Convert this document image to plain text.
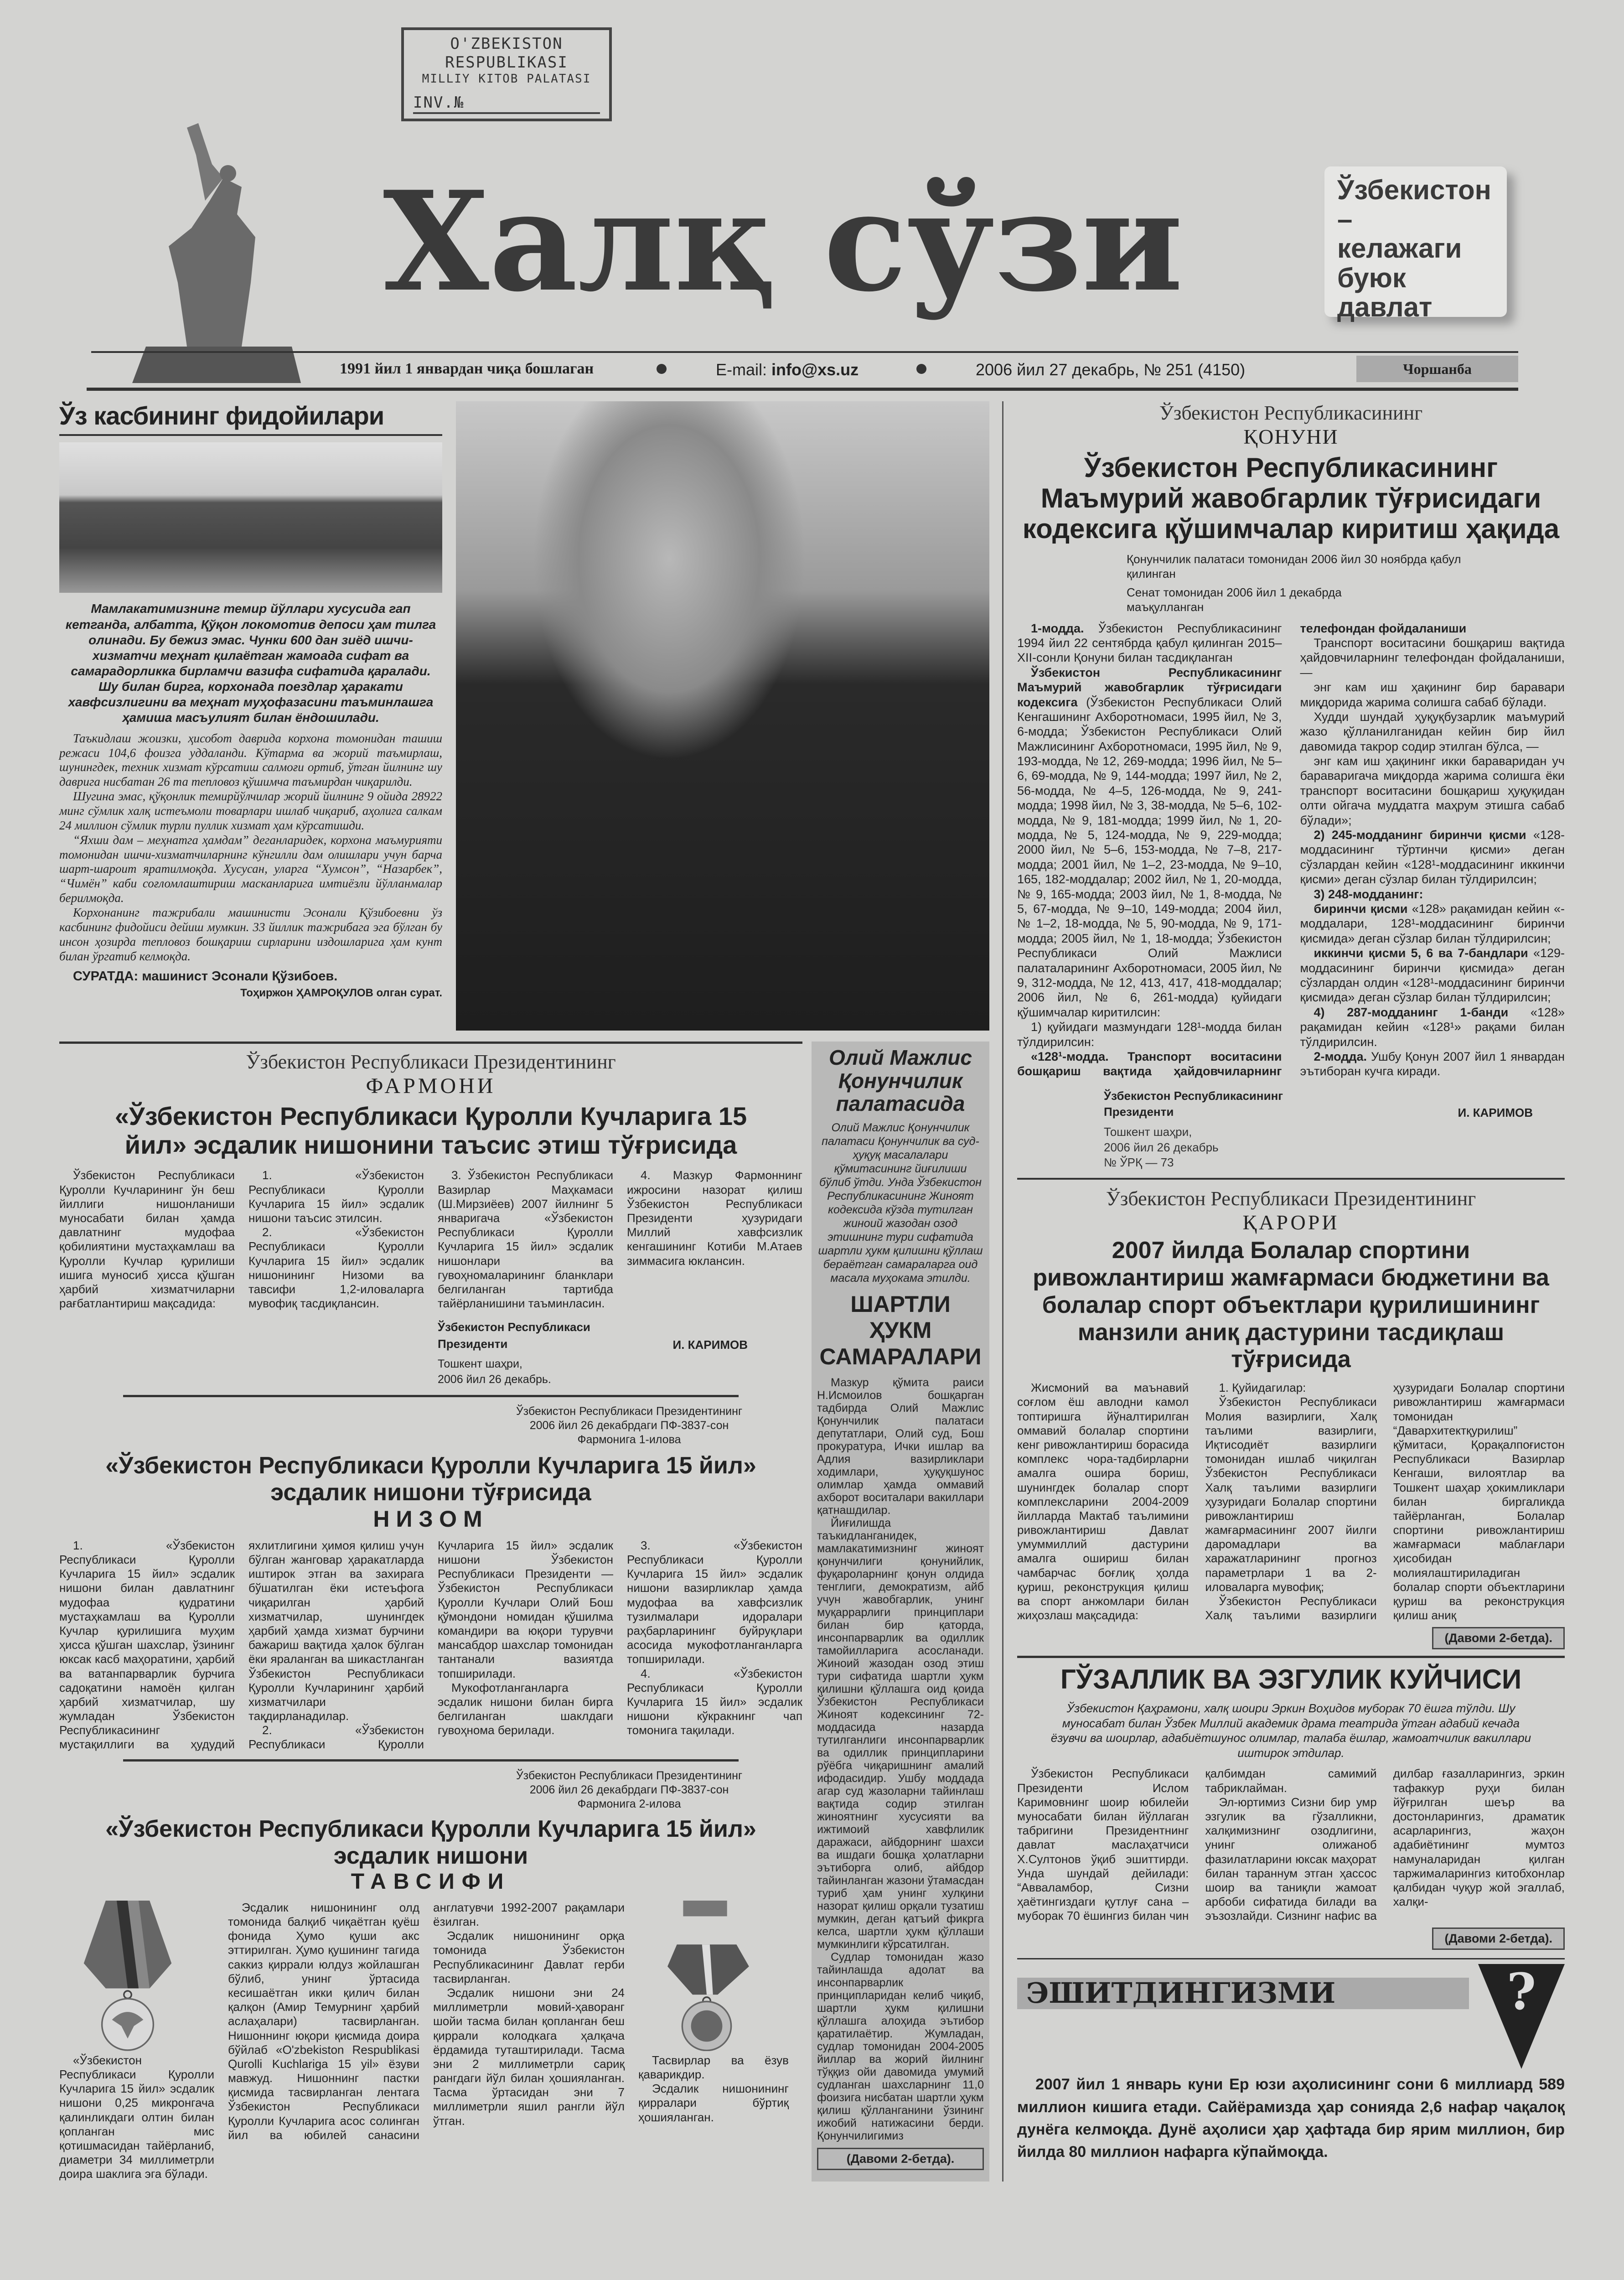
O'ZBEKISTON
RESPUBLIKASI
MILLIY KITOB PALATASI
INV.№
Халқ сўзи	Ўзбекистон –
келажаги
буюк
давлат
1991 йил 1 январдан чиқа бошлаган	E-mail: info@xs.uz	2006 йил 27 декабрь, № 251 (4150)	Чоршанба
Ўз касбининг фидойилари
Мамлакатимизнинг темир йўллари хусусида гап кетганда, албатта, Қўқон локомотив депоси ҳам тилга олинади. Бу бежиз эмас. Чунки 600 дан зиёд ишчи-хизматчи меҳнат қилаётган жамоада сифат ва самарадорликка бирламчи вазифа сифатида қаралади. Шу билан бирга, корхонада поездлар ҳаракати хавфсизлигини ва меҳнат муҳофазасини таъминлашга ҳамиша масъулият билан ёндошилади.

Таъкидлаш жоизки, ҳисобот даврида корхона томонидан ташиш режаси 104,6 фоизга уддаланди. Кўтарма ва жорий таъмирлаш, шунингдек, техник хизмат кўрсатиш салмоғи ортиб, ўтган йилнинг шу даврига нисбатан 26 та тепловоз қўшимча таъмирдан чиқарилди.

Шугина эмас, қўқонлик темирйўлчилар жорий йилнинг 9 ойида 28922 минг сўмлик халқ истеъмоли товарлари ишлаб чиқариб, аҳолига салкам 24 миллион сўмлик турли пуллик хизмат ҳам кўрсатишди.

“Яхши дам – меҳнатга ҳамдам” деганларидек, корхона маъмурияти томонидан ишчи-хизматчиларнинг кўнгилли дам олишлари учун барча шарт-шароит яратилмоқда. Хусусан, уларга “Хумсон”, “Назарбек”, “Чимён” каби соғломлаштириш масканларига имтиёзли йўлланмалар берилмоқда.

Корхонанинг тажрибали машинисти Эсонали Қўзибоевни ўз касбининг фидойиси дейиш мумкин. 33 йиллик тажрибага эга бўлган бу инсон ҳозирда тепловоз бошқариш сирларини издошларига ҳам кунт билан ўргатиб келмоқда.

СУРАТДА: машинист Эсонали Қўзибоев.
Тоҳиржон ҲАМРОҚУЛОВ олган сурат.
Ўзбекистон Республикаси Президентининг
ФАРМОНИ
«Ўзбекистон Республикаси Қуролли Кучларига 15 йил» эсдалик нишонини таъсис этиш тўғрисида

Ўзбекистон Республикаси Қуролли Кучларининг ўн беш йиллиги нишонланиши муносабати билан ҳамда давлатнинг мудофаа қобилиятини мустаҳкамлаш ва Қуролли Кучлар қурилиши ишига муносиб ҳисса қўшган ҳарбий хизматчиларни рағбатлантириш мақсадида:

1. «Ўзбекистон Республикаси Қуролли Кучларига 15 йил» эсдалик нишони таъсис этилсин.

2. «Ўзбекистон Республикаси Қуролли Кучларига 15 йил» эсдалик нишонининг Низоми ва тавсифи 1,2-иловаларга мувофиқ тасдиқлансин.

3. Ўзбекистон Республикаси Вазирлар Маҳкамаси (Ш.Мирзиёев) 2007 йилнинг 5 январигача «Ўзбекистон Республикаси Қуролли Кучларига 15 йил» эсдалик нишонлари ва гувоҳномаларининг бланклари белгиланган тартибда тайёрланишини таъминласин.

4. Мазкур Фармоннинг ижросини назорат қилиш Ўзбекистон Республикаси Президенти ҳузуридаги Миллий хавфсизлик кенгашининг Котиби М.Атаев зиммасига юклансин.

Ўзбекистон Республикаси Президенти	И. КАРИМОВ
Тошкент шаҳри,
2006 йил 26 декабрь.
Ўзбекистон Республикаси Президентининг
2006 йил 26 декабрдаги ПФ-3837-сон
Фармонига 1-илова
«Ўзбекистон Республикаси Қуролли Кучларига 15 йил» эсдалик нишони тўғрисида
НИЗОМ

1. «Ўзбекистон Республикаси Қуролли Кучларига 15 йил» эсдалик нишони билан давлатнинг мудофаа қудратини мустаҳкамлаш ва Қуролли Кучлар қурилишига муҳим ҳисса қўшган шахслар, ўзининг юксак касб маҳоратини, ҳарбий ва ватанпарварлик бурчига садоқатини намоён қилган ҳарбий хизматчилар, шу жумладан Ўзбекистон Республикасининг мустақиллиги ва ҳудудий яхлитлигини ҳимоя қилиш учун бўлган жанговар ҳаракатларда иштирок этган ва захирага бўшатилган ёки истеъфога чиқарилган ҳарбий хизматчилар, шунингдек ҳарбий ҳамда хизмат бурчини бажариш вақтида ҳалок бўлган ёки яраланган ва шикастланган Ўзбекистон Республикаси Қуролли Кучларининг ҳарбий хизматчилари тақдирланадилар.

2. «Ўзбекистон Республикаси Қуролли Кучларига 15 йил» эсдалик нишони Ўзбекистон Республикаси Президенти — Ўзбекистон Республикаси Қуролли Кучлари Олий Бош қўмондони номидан қўшилма командири ва юқори турувчи мансабдор шахслар томонидан тантанали вазиятда топширилади.

Мукофотланганларга эсдалик нишони билан бирга белгиланган шаклдаги гувоҳнома берилади.

3. «Ўзбекистон Республикаси Қуролли Кучларига 15 йил» эсдалик нишони вазирликлар ҳамда мудофаа ва хавфсизлик тузилмалари идоралари раҳбарларининг буйруқлари асосида мукофотланганларга топширилади.

4. «Ўзбекистон Республикаси Қуролли Кучларига 15 йил» эсдалик нишони кўкракнинг чап томонига тақилади.

Ўзбекистон Республикаси Президентининг
2006 йил 26 декабрдаги ПФ-3837-сон
Фармонига 2-илова
«Ўзбекистон Республикаси Қуролли Кучларига 15 йил» эсдалик нишони
ТАВСИФИ
«Ўзбекистон Республикаси Қуролли Кучларига 15 йил» эсдалик нишони 0,25 микронгача қалинликдаги олтин билан қопланган мис қотишмасидан тайёрланиб, диаметри 34 миллиметрли доира шаклига эга бўлади.

Эсдалик нишонининг олд томонида балқиб чиқаётган қуёш фонида Ҳумо қуши акс эттирилган. Ҳумо қушининг тагида саккиз қиррали юлдуз жойлашган бўлиб, унинг ўртасида кесишаётган икки қилич билан қалқон (Амир Темурнинг ҳарбий аслаҳалари) тасвирланган. Нишоннинг юқори қисмида доира бўйлаб «O'zbekiston Respublikasi Qurolli Kuchlariga 15 yil» ёзуви мавжуд. Нишоннинг пастки қисмида тасвирланган лентага Ўзбекистон Республикаси Қуролли Кучларига асос солинган йил ва юбилей санасини англатувчи 1992-2007 рақамлари ёзилган.

Эсдалик нишонининг орқа томонида Ўзбекистон Республикасининг Давлат герби тасвирланган.

Эсдалик нишони эни 24 миллиметрли мовий-ҳаворанг шойи тасма билан қопланган беш қиррали колодкага ҳалқача ёрдамида туташтирилади. Тасма эни 2 миллиметрли сариқ рангдаги йўл билан ҳошияланган. Тасма ўртасидан эни 7 миллиметрли яшил рангли йўл ўтган.

Тасвирлар ва ёзув қаварикдир.

Эсдалик нишонининг қирралари бўртиқ ҳошияланган.

Олий Мажлис Қонунчилик палатасида
Олий Мажлис Қонунчилик палатаси Қонунчилик ва суд-ҳуқуқ масалалари қўмитасининг йиғилиши бўлиб ўтди. Унда Ўзбекистон Республикасининг Жиноят кодексида кўзда тутилган жиноий жазодан озод этишнинг тури сифатида шартли ҳукм қилишни қўллаш бераётган самараларга оид масала муҳокама этилди.
ШАРТЛИ ҲУКМ САМАРАЛАРИ

Мазкур қўмита раиси Н.Исмоилов бошқарган тадбирда Олий Мажлис Қонунчилик палатаси депутатлари, Олий суд, Бош прокуратура, Ички ишлар ва Адлия вазирликлари ходимлари, ҳуқуқшунос олимлар ҳамда оммавий ахборот воситалари вакиллари қатнашдилар.

Йиғилишда таъкидланганидек, мамлакатимизнинг жиноят қонунчилиги қонунийлик, фуқароларнинг қонун олдида тенглиги, демократизм, айб учун жавобгарлик, унинг муқаррарлиги принциплари билан бир қаторда, инсонпарварлик ва одиллик тамойилларига асосланади. Жиноий жазодан озод этиш тури сифатида шартли ҳукм қилишни қўллашга оид қоида Ўзбекистон Республикаси Жиноят кодексининг 72-моддасида назарда тутилганлиги инсонпарварлик ва одиллик принципларини рўёбга чиқаришнинг амалий ифодасидир. Ушбу моддада агар суд жазоларни тайинлаш вақтида содир этилган жиноятнинг хусусияти ва ижтимоий хавфлилик даражаси, айбдорнинг шахси ва ишдаги бошқа ҳолатларни эътиборга олиб, айбдор тайинланган жазони ўтамасдан туриб ҳам унинг хулқини назорат қилиш орқали тузатиш мумкин, деган қатъий фикрга келса, шартли ҳукм қўллаши мумкинлиги кўрсатилган.

Судлар томонидан жазо тайинлашда адолат ва инсонпарварлик принципларидан келиб чиқиб, шартли ҳукм қилишни қўллашга алоҳида эътибор қаратилаётир. Жумладан, судлар томонидан 2004-2005 йиллар ва жорий йилнинг тўққиз ойи давомида умумий судланган шахсларнинг 11,0 фоизига нисбатан шартли ҳукм қилиш қўлланганини ўзининг ижобий натижасини берди. Қонунчилигимиз

(Давоми 2-бетда).
Ўзбекистон Республикасининг
ҚОНУНИ
Ўзбекистон Республикасининг Маъмурий жавобгарлик тўғрисидаги кодексига қўшимчалар киритиш ҳақида
Қонунчилик палатаси томонидан 2006 йил 30 ноябрда қабул қилинган
Сенат томонидан 2006 йил 1 декабрда маъқулланган

1-модда. Ўзбекистон Республикасининг 1994 йил 22 сентябрда қабул қилинган 2015–XII-сонли Қонуни билан тасдиқланган

Ўзбекистон Республикасининг Маъмурий жавобгарлик тўғрисидаги кодексига (Ўзбекистон Республикаси Олий Кенгашининг Ахборотномаси, 1995 йил, № 3, 6-модда; Ўзбекистон Республикаси Олий Мажлисининг Ахборотномаси, 1995 йил, № 9, 193-модда, № 12, 269-модда; 1996 йил, № 5–6, 69-модда, № 9, 144-модда; 1997 йил, № 2, 56-модда, № 4–5, 126-модда, № 9, 241-модда; 1998 йил, № 3, 38-модда, № 5–6, 102-модда, № 9, 181-модда; 1999 йил, № 1, 20-модда, № 5, 124-модда, № 9, 229-модда; 2000 йил, № 5–6, 153-модда, № 7–8, 217-модда; 2001 йил, № 1–2, 23-модда, № 9–10, 165, 182-моддалар; 2002 йил, № 1, 20-модда, № 9, 165-модда; 2003 йил, № 1, 8-модда, № 5, 67-модда, № 9–10, 149-модда; 2004 йил, № 1–2, 18-модда, № 5, 90-модда, № 9, 171-модда; 2005 йил, № 1, 18-модда; Ўзбекистон Республикаси Олий Мажлиси палаталарининг Ахборотномаси, 2005 йил, № 9, 312-модда, № 12, 413, 417, 418-моддалар; 2006 йил, № 6, 261-модда) қуйидаги қўшимчалар киритилсин:

1) қуйидаги мазмундаги 128¹-модда билан тўлдирилсин:

«128¹-модда. Транспорт воситасини бошқариш вақтида ҳайдовчиларнинг телефондан фойдаланиши

Транспорт воситасини бошқариш вақтида ҳайдовчиларнинг телефондан фойдаланиши, —

энг кам иш ҳақининг бир баравари миқдорида жарима солишга сабаб бўлади.

Худди шундай ҳуқуқбузарлик маъмурий жазо қўлланилганидан кейин бир йил давомида такрор содир этилган бўлса, —

энг кам иш ҳақининг икки бараваридан уч бараваригача миқдорда жарима солишга ёки транспорт воситасини бошқариш ҳуқуқидан олти ойгача муддатга маҳрум этишга сабаб бўлади»;

2) 245-модданинг биринчи қисми «128-моддасининг тўртинчи қисми» деган сўзлардан кейин «128¹-моддасининг иккинчи қисми» деган сўзлар билан тўлдирилсин;

3) 248-модданинг:

биринчи қисми «128» рақамидан кейин «-моддалари, 128¹-моддасининг биринчи қисмида» деган сўзлар билан тўлдирилсин;

иккинчи қисми 5, 6 ва 7-бандлари «129-моддасининг биринчи қисмида» деган сўзлардан олдин «128¹-моддасининг биринчи қисмида» деган сўзлар билан тўлдирилсин;

4) 287-модданинг 1-банди «128» рақамидан кейин «128¹» рақами билан тўлдирилсин.

2-модда. Ушбу Қонун 2007 йил 1 январдан эътиборан кучга киради.

Ўзбекистон Республикасининг Президенти	И. КАРИМОВ
Тошкент шаҳри,
2006 йил 26 декабрь
№ ЎРҚ — 73
Ўзбекистон Республикаси Президентининг
ҚАРОРИ
2007 йилда Болалар спортини ривожлантириш жамғармаси бюджетини ва болалар спорт объектлари қурилишининг манзили аниқ дастурини тасдиқлаш тўғрисида

Жисмоний ва маънавий соғлом ёш авлодни камол топтиришга йўналтирилган оммавий болалар спортини кенг ривожлантириш борасида комплекс чора-тадбирларни амалга ошира бориш, шунингдек болалар спорт комплексларини 2004-2009 йилларда Мактаб таълимини ривожлантириш Давлат умуммиллий дастурини амалга ошириш билан чамбарчас боғлиқ ҳолда қуриш, реконструкция қилиш ва спорт анжомлари билан жиҳозлаш мақсадида:

1. Қуйидагилар:

Ўзбекистон Республикаси Молия вазирлиги, Халқ таълими вазирлиги, Иқтисодиёт вазирлиги томонидан ишлаб чиқилган Ўзбекистон Республикаси Халқ таълими вазирлиги ҳузуридаги Болалар спортини ривожлантириш жамғармасининг 2007 йилги даромадлари ва харажатларининг прогноз параметрлари 1 ва 2-иловаларга мувофиқ;

Ўзбекистон Республикаси Халқ таълими вазирлиги ҳузуридаги Болалар спортини ривожлантириш жамғармаси томонидан “Даварxитектқурилиш” қўмитаси, Қорақалпоғистон Республикаси Вазирлар Кенгаши, вилоятлар ва Тошкент шаҳар ҳокимликлари билан биргаликда тайёрланган, Болалар спортини ривожлантириш жамғармаси маблағлари ҳисобидан молиялаштириладиган болалар спорти объектларини қуриш ва реконструкция қилиш аниқ

(Давоми 2-бетда).
ГЎЗАЛЛИК ВА ЭЗГУЛИК КУЙЧИСИ
Ўзбекистон Қаҳрамони, халқ шоири Эркин Воҳидов муборак 70 ёшга тўлди. Шу муносабат билан Ўзбек Миллий академик драма театрида ўтган адабий кечада ёзувчи ва шоирлар, адабиётшунос олимлар, талаба ёшлар, жамоатчилик вакиллари иштирок этдилар.

Ўзбекистон Республикаси Президенти Ислом Каримовнинг шоир юбилейи муносабати билан йўллаган табригини Президентнинг давлат маслаҳатчиси Х.Султонов ўқиб эшиттирди. Унда шундай дейилади: “Авваламбор, Сизни ҳаётингиздаги қутлуғ сана – муборак 70 ёшингиз билан чин қалбимдан самимий табриклайман.

Эл-юртимиз Сизни бир умр эзгулик ва гўзалликни, халқимизнинг озодлигини, унинг олижаноб фазилатларини юксак маҳорат билан тараннум этган ҳассос шоир ва таниқли жамоат арбоби сифатида билади ва эъзозлайди. Сизнинг нафис ва дилбар ғазалларингиз, эркин тафаккур руҳи билан йўғрилган шеър ва достонларингиз, драматик асарларингиз, жаҳон адабиётининг мумтоз намуналаридан қилган таржималарингиз китобхонлар қалбидан чуқур жой эгаллаб, халқи-

(Давоми 2-бетда).
ЭШИТДИНГИЗМИ	?
2007 йил 1 январь куни Ер юзи аҳолисининг сони 6 миллиард 589 миллион кишига етади. Сайёрамизда ҳар сонияда 2,6 нафар чақалоқ дунёга келмоқда. Дунё аҳолиси ҳар ҳафтада бир ярим миллион, бир йилда 80 миллион нафарга кўпаймоқда.
